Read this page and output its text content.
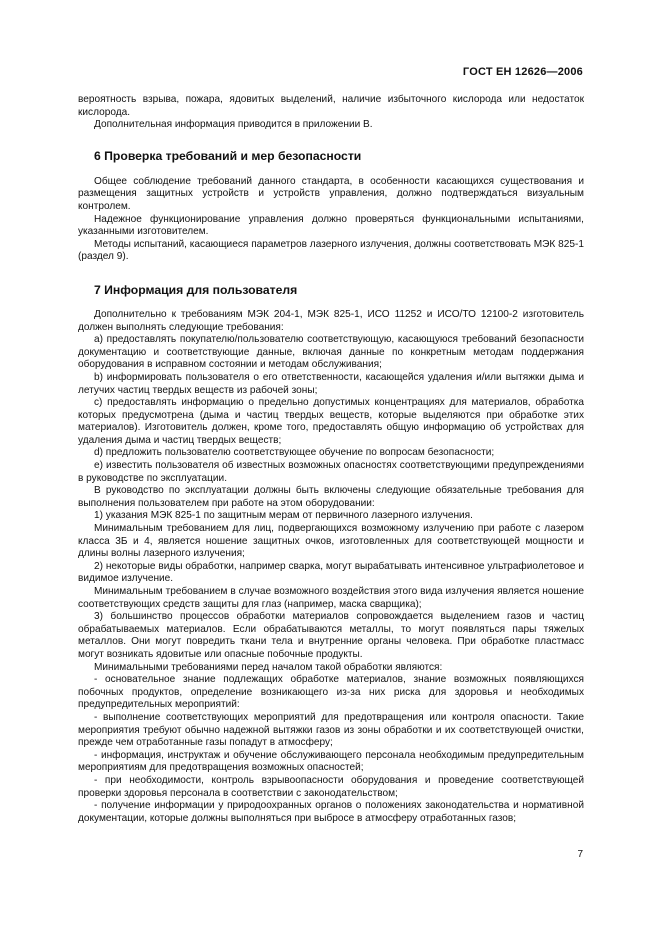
ГОСТ ЕН 12626—2006

вероятность взрыва, пожара, ядовитых выделений, наличие избыточного кислорода или недостаток кислорода.

Дополнительная информация приводится в приложении В.

6 Проверка требований и мер безопасности

Общее соблюдение требований данного стандарта, в особенности касающихся существования и размещения защитных устройств и устройств управления, должно подтверждаться визуальным контролем.

Надежное функционирование управления должно проверяться функциональными испытаниями, указанными изготовителем.

Методы испытаний, касающиеся параметров лазерного излучения, должны соответствовать МЭК 825-1 (раздел 9).

7 Информация для пользователя

Дополнительно к требованиям МЭК 204-1, МЭК 825-1, ИСО 11252 и ИСО/ТО 12100-2 изготовитель должен выполнять следующие требования:

a) предоставлять покупателю/пользователю соответствующую, касающуюся требований безопасности документацию и соответствующие данные, включая данные по конкретным методам поддержания оборудования в исправном состоянии и методам обслуживания;

b) информировать пользователя о его ответственности, касающейся удаления и/или вытяжки дыма и летучих частиц твердых веществ из рабочей зоны;

c) предоставлять информацию о предельно допустимых концентрациях для материалов, обработка которых предусмотрена (дыма и частиц твердых веществ, которые выделяются при обработке этих материалов). Изготовитель должен, кроме того, предоставлять общую информацию об устройствах для удаления дыма и частиц твердых веществ;

d) предложить пользователю соответствующее обучение по вопросам безопасности;

e) известить пользователя об известных возможных опасностях соответствующими предупреждениями в руководстве по эксплуатации.

В руководство по эксплуатации должны быть включены следующие обязательные требования для выполнения пользователем при работе на этом оборудовании:

1) указания МЭК 825-1 по защитным мерам от первичного лазерного излучения.

Минимальным требованием для лиц, подвергающихся возможному излучению при работе с лазером класса 3Б и 4, является ношение защитных очков, изготовленных для соответствующей мощности и длины волны лазерного излучения;

2) некоторые виды обработки, например сварка, могут вырабатывать интенсивное ультрафиолетовое и видимое излучение.

Минимальным требованием в случае возможного воздействия этого вида излучения является ношение соответствующих средств защиты для глаз (например, маска сварщика);

3) большинство процессов обработки материалов сопровождается выделением газов и частиц обрабатываемых материалов. Если обрабатываются металлы, то могут появляться пары тяжелых металлов. Они могут повредить ткани тела и внутренние органы человека. При обработке пластмасс могут возникать ядовитые или опасные побочные продукты.

Минимальными требованиями перед началом такой обработки являются:

- основательное знание подлежащих обработке материалов, знание возможных появляющихся побочных продуктов, определение возникающего из-за них риска для здоровья и необходимых предупредительных мероприятий:

- выполнение соответствующих мероприятий для предотвращения или контроля опасности. Такие мероприятия требуют обычно надежной вытяжки газов из зоны обработки и их соответствующей очистки, прежде чем отработанные газы попадут в атмосферу;

- информация, инструктаж и обучение обслуживающего персонала необходимым предупредительным мероприятиям для предотвращения возможных опасностей;

- при необходимости, контроль взрывоопасности оборудования и проведение соответствующей проверки здоровья персонала в соответствии с законодательством;

- получение информации у природоохранных органов о положениях законодательства и нормативной документации, которые должны выполняться при выбросе в атмосферу отработанных газов;

7
